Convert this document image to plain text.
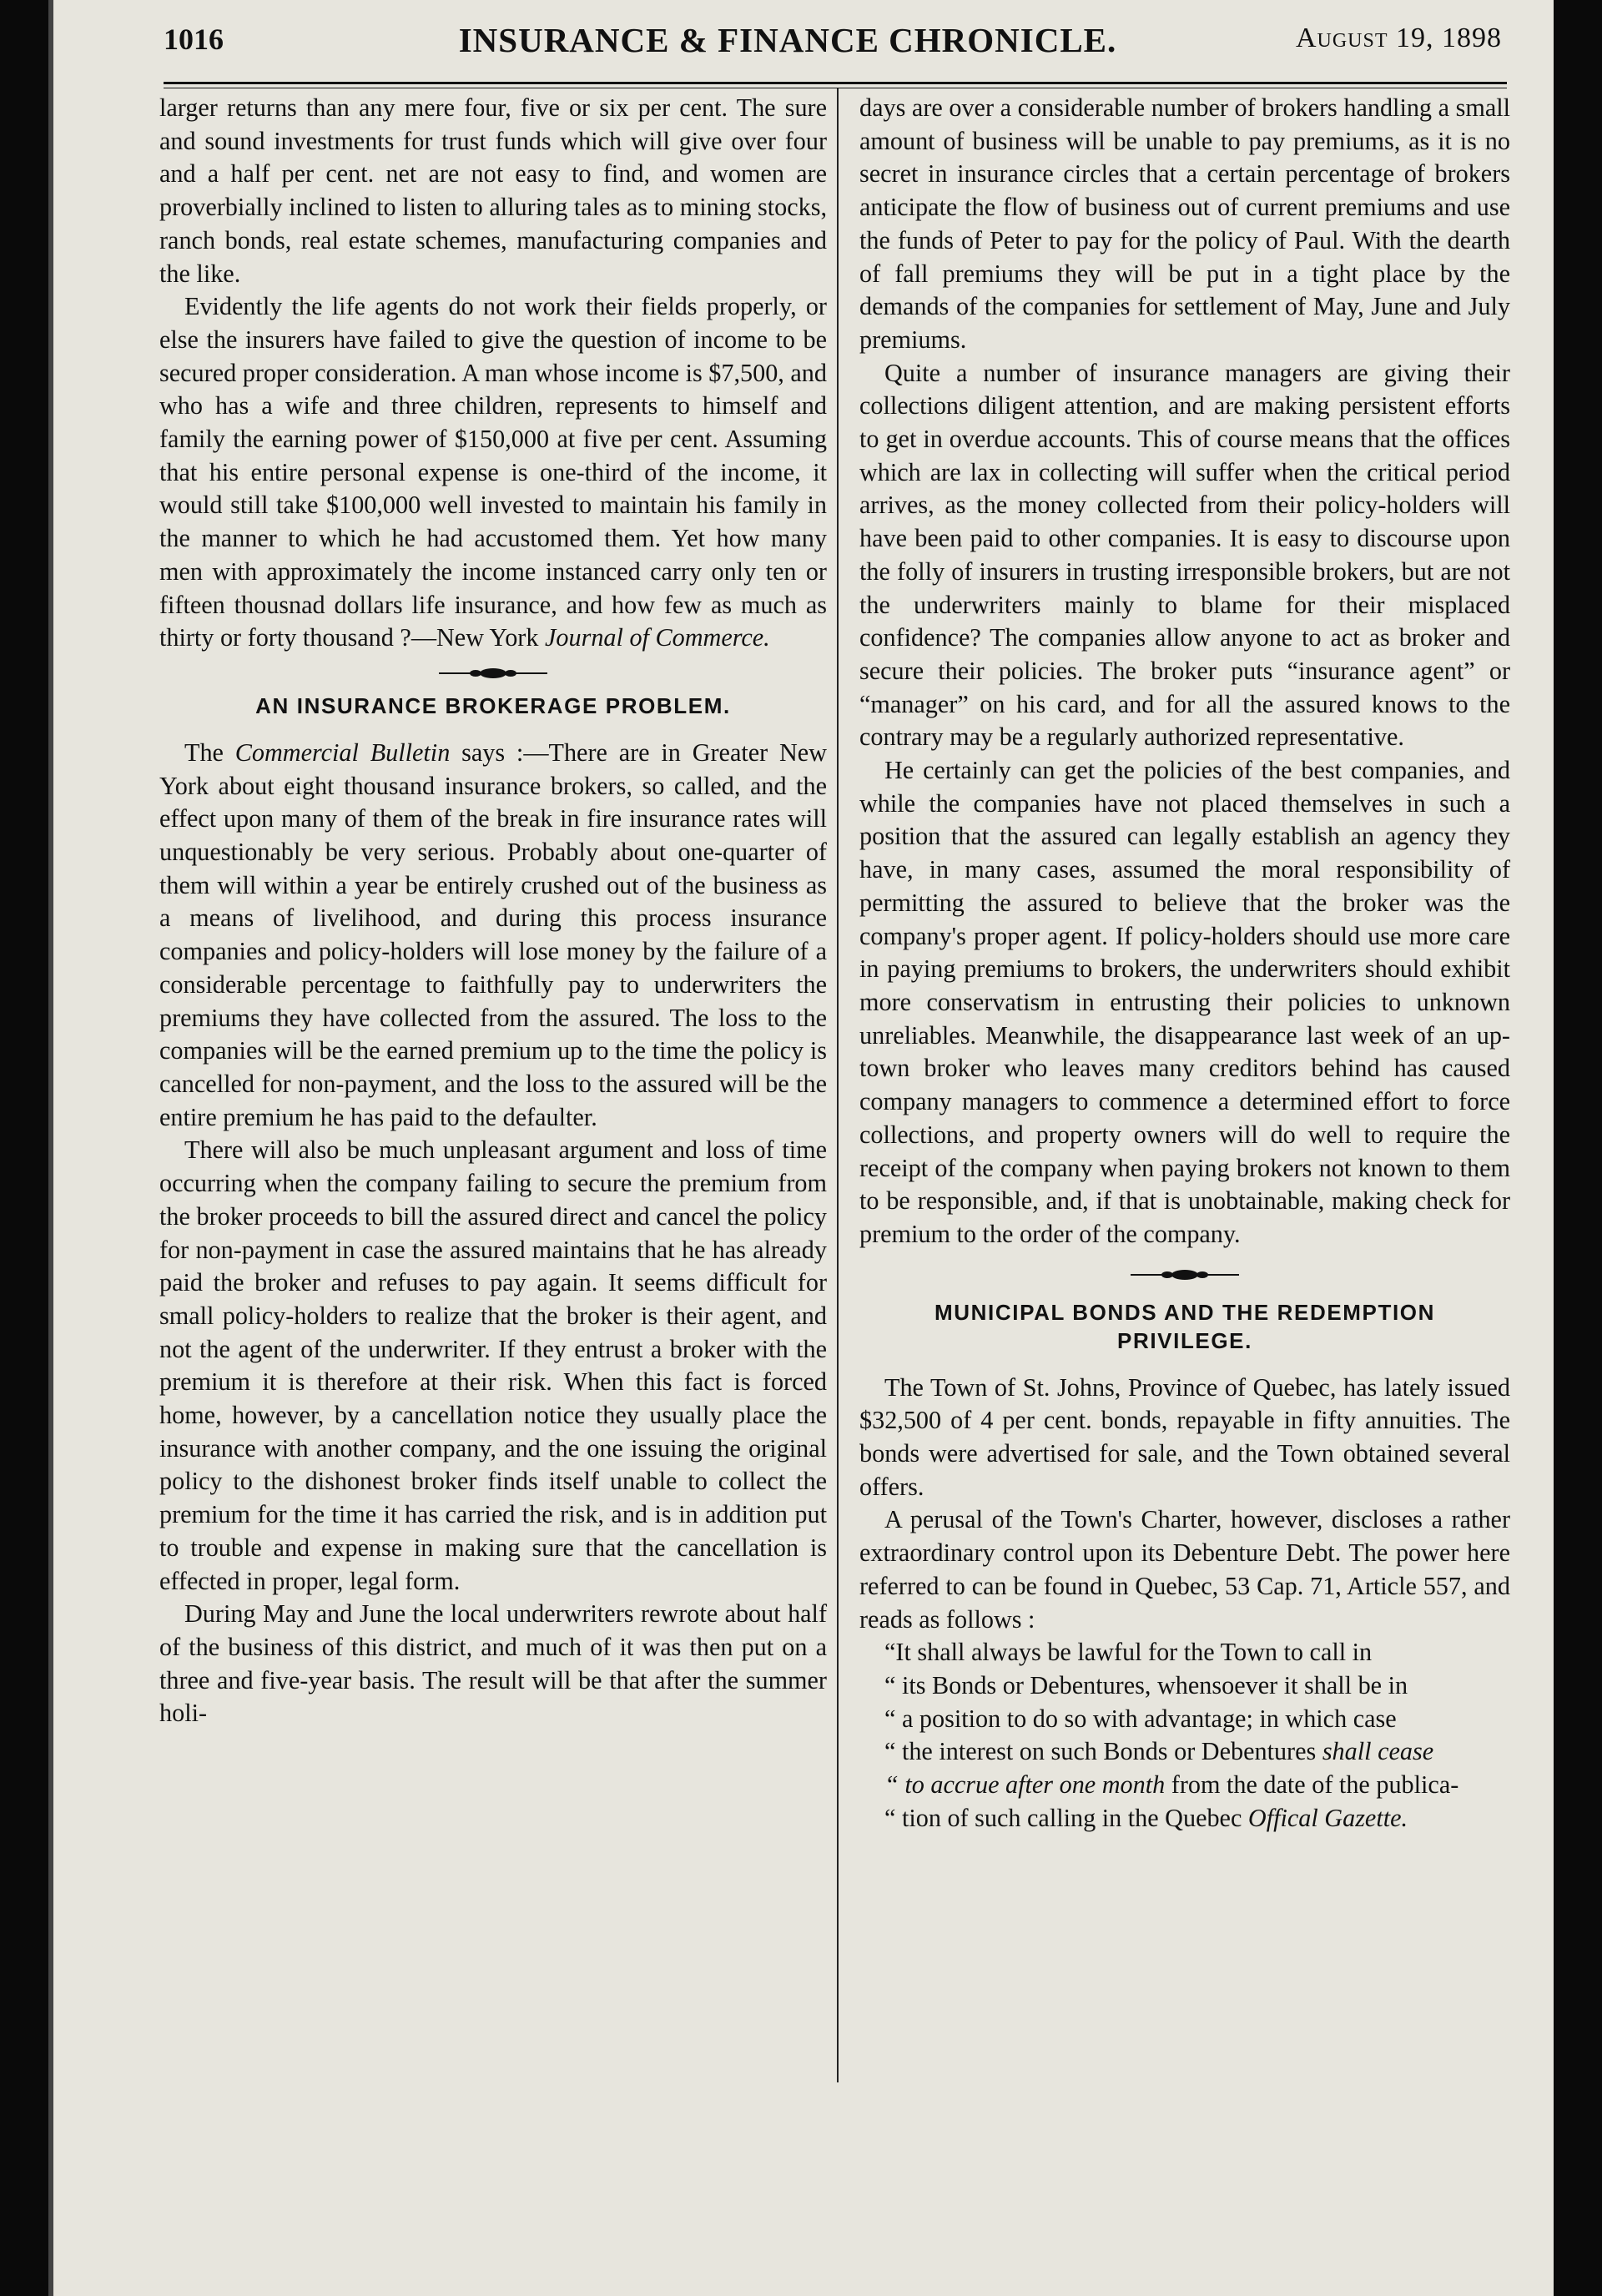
1016	INSURANCE & FINANCE CHRONICLE.	August 19, 1898

larger returns than any mere four, five or six per cent. The sure and sound investments for trust funds which will give over four and a half per cent. net are not easy to find, and women are proverbially inclined to listen to alluring tales as to mining stocks, ranch bonds, real estate schemes, manufacturing companies and the like.

Evidently the life agents do not work their fields properly, or else the insurers have failed to give the question of income to be secured proper consideration. A man whose income is $7,500, and who has a wife and three children, represents to himself and family the earning power of $150,000 at five per cent. Assuming that his entire personal expense is one-third of the income, it would still take $100,000 well invested to maintain his family in the manner to which he had accustomed them. Yet how many men with approximately the income instanced carry only ten or fifteen thousnad dollars life insurance, and how few as much as thirty or forty thousand ?—New York Journal of Commerce.

AN INSURANCE BROKERAGE PROBLEM.

The Commercial Bulletin says :—There are in Greater New York about eight thousand insurance brokers, so called, and the effect upon many of them of the break in fire insurance rates will unquestionably be very serious. Probably about one-quarter of them will within a year be entirely crushed out of the business as a means of livelihood, and during this process insurance companies and policy-holders will lose money by the failure of a considerable percentage to faithfully pay to underwriters the premiums they have collected from the assured. The loss to the companies will be the earned premium up to the time the policy is cancelled for non-payment, and the loss to the assured will be the entire premium he has paid to the defaulter.

There will also be much unpleasant argument and loss of time occurring when the company failing to secure the premium from the broker proceeds to bill the assured direct and cancel the policy for non-payment in case the assured maintains that he has already paid the broker and refuses to pay again. It seems difficult for small policy-holders to realize that the broker is their agent, and not the agent of the underwriter. If they entrust a broker with the premium it is therefore at their risk. When this fact is forced home, however, by a cancellation notice they usually place the insurance with another company, and the one issuing the original policy to the dishonest broker finds itself unable to collect the premium for the time it has carried the risk, and is in addition put to trouble and expense in making sure that the cancellation is effected in proper, legal form.

During May and June the local underwriters rewrote about half of the business of this district, and much of it was then put on a three and five-year basis. The result will be that after the summer holi-

days are over a considerable number of brokers handling a small amount of business will be unable to pay premiums, as it is no secret in insurance circles that a certain percentage of brokers anticipate the flow of business out of current premiums and use the funds of Peter to pay for the policy of Paul. With the dearth of fall premiums they will be put in a tight place by the demands of the companies for settlement of May, June and July premiums.

Quite a number of insurance managers are giving their collections diligent attention, and are making persistent efforts to get in overdue accounts. This of course means that the offices which are lax in collecting will suffer when the critical period arrives, as the money collected from their policy-holders will have been paid to other companies. It is easy to discourse upon the folly of insurers in trusting irresponsible brokers, but are not the underwriters mainly to blame for their misplaced confidence? The companies allow anyone to act as broker and secure their policies. The broker puts “insurance agent” or “manager” on his card, and for all the assured knows to the contrary may be a regularly authorized representative.

He certainly can get the policies of the best companies, and while the companies have not placed themselves in such a position that the assured can legally establish an agency they have, in many cases, assumed the moral responsibility of permitting the assured to believe that the broker was the company's proper agent. If policy-holders should use more care in paying premiums to brokers, the underwriters should exhibit more conservatism in entrusting their policies to unknown unreliables. Meanwhile, the disappearance last week of an up-town broker who leaves many creditors behind has caused company managers to commence a determined effort to force collections, and property owners will do well to require the receipt of the company when paying brokers not known to them to be responsible, and, if that is unobtainable, making check for premium to the order of the company.

MUNICIPAL BONDS AND THE REDEMPTION
PRIVILEGE.

The Town of St. Johns, Province of Quebec, has lately issued $32,500 of 4 per cent. bonds, repayable in fifty annuities. The bonds were advertised for sale, and the Town obtained several offers.

A perusal of the Town's Charter, however, discloses a rather extraordinary control upon its Debenture Debt. The power here referred to can be found in Quebec, 53 Cap. 71, Article 557, and reads as follows :

“It shall always be lawful for the Town to call in
“ its Bonds or Debentures, whensoever it shall be in
“ a position to do so with advantage; in which case
“ the interest on such Bonds or Debentures shall cease
“ to accrue after one month from the date of the publica-
“ tion of such calling in the Quebec Offical Gazette.
